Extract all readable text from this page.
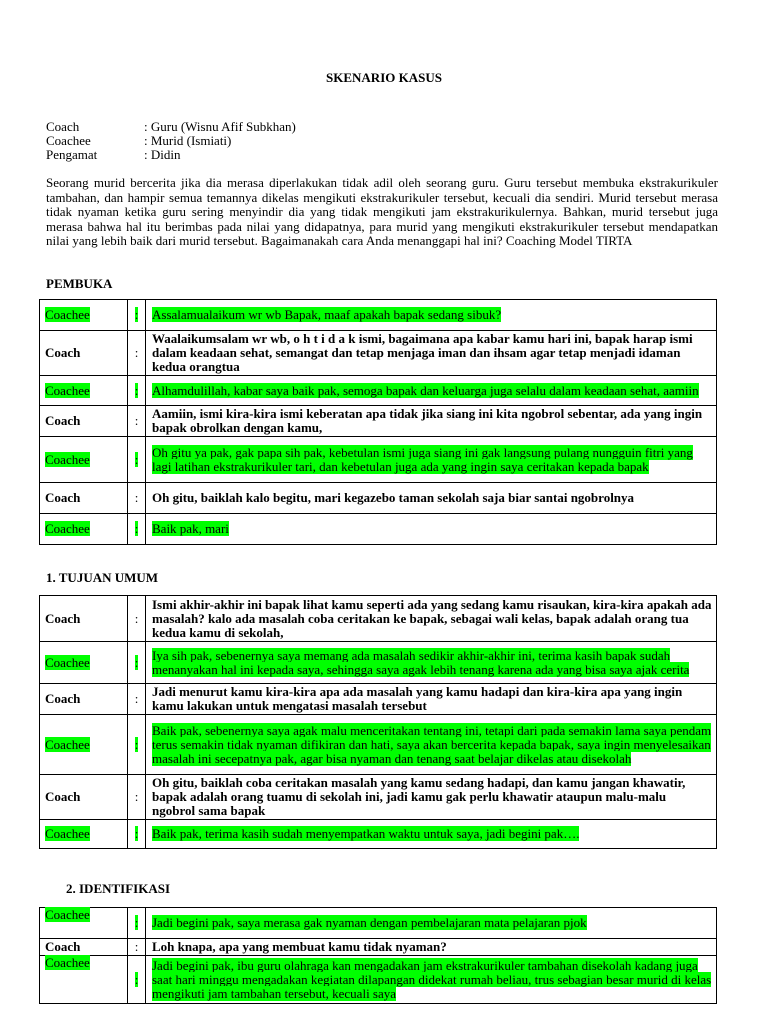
SKENARIO KASUS
Coach	: Guru (Wisnu Afif Subkhan)
Coachee	: Murid (Ismiati)
Pengamat	: Didin
Seorang murid bercerita jika dia merasa diperlakukan tidak adil oleh seorang guru. Guru tersebut membuka ekstrakurikuler tambahan, dan hampir semua temannya dikelas mengikuti ekstrakurikuler tersebut, kecuali dia sendiri. Murid tersebut merasa tidak nyaman ketika guru sering menyindir dia yang tidak mengikuti jam ekstrakurikulernya. Bahkan, murid tersebut juga merasa bahwa hal itu berimbas pada nilai yang didapatnya, para murid yang mengikuti ekstrakurikuler tersebut mendapatkan nilai yang lebih baik dari murid tersebut. Bagaimanakah cara Anda menanggapi hal ini? Coaching Model TIRTA
PEMBUKA
Coachee	:	Assalamualaikum wr wb Bapak, maaf apakah bapak sedang sibuk?
Coach	:	Waalaikumsalam wr wb, o h t i d a k ismi, bagaimana apa kabar kamu hari ini, bapak harap ismi dalam keadaan sehat, semangat dan tetap menjaga iman dan ihsam agar tetap menjadi idaman kedua orangtua
Coachee	:	Alhamdulillah, kabar saya baik pak, semoga bapak dan keluarga juga selalu dalam keadaan sehat, aamiin
Coach	:	Aamiin, ismi kira-kira ismi keberatan apa tidak jika siang ini kita ngobrol sebentar, ada yang ingin bapak obrolkan dengan kamu,
Coachee	:	Oh gitu ya pak, gak papa sih pak, kebetulan ismi juga siang ini gak langsung pulang nungguin fitri yang lagi latihan ekstrakurikuler tari, dan kebetulan juga ada yang ingin saya ceritakan kepada bapak
Coach	:	Oh gitu, baiklah kalo begitu, mari kegazebo taman sekolah saja biar santai ngobrolnya
Coachee	:	Baik pak, mari
1. TUJUAN UMUM
Coach	:	Ismi akhir-akhir ini bapak lihat kamu seperti ada yang sedang kamu risaukan, kira-kira apakah ada masalah? kalo ada masalah coba ceritakan ke bapak, sebagai wali kelas, bapak adalah orang tua kedua kamu di sekolah,
Coachee	:	Iya sih pak, sebenernya saya memang ada masalah sedikir akhir-akhir ini, terima kasih bapak sudah menanyakan hal ini kepada saya, sehingga saya agak lebih tenang karena ada yang bisa saya ajak cerita
Coach	:	Jadi menurut kamu kira-kira apa ada masalah yang kamu hadapi dan kira-kira apa yang ingin kamu lakukan untuk mengatasi masalah tersebut
Coachee	:	Baik pak, sebenernya saya agak malu menceritakan tentang ini, tetapi dari pada semakin lama saya pendam terus semakin tidak nyaman difikiran dan hati, saya akan bercerita kepada bapak, saya ingin menyelesaikan masalah ini secepatnya pak, agar bisa nyaman dan tenang saat belajar dikelas atau disekolah
Coach	:	Oh gitu, baiklah coba ceritakan masalah yang kamu sedang hadapi, dan kamu jangan khawatir, bapak adalah orang tuamu di sekolah ini, jadi kamu gak perlu khawatir ataupun malu-malu ngobrol sama bapak
Coachee	:	Baik pak, terima kasih sudah menyempatkan waktu untuk saya, jadi begini pak….
2. IDENTIFIKASI
Coachee	:	Jadi begini pak, saya merasa gak nyaman dengan pembelajaran mata pelajaran pjok
Coach	:	Loh knapa, apa yang membuat kamu tidak nyaman?
Coachee	:	Jadi begini pak, ibu guru olahraga kan mengadakan jam ekstrakurikuler tambahan disekolah kadang juga saat hari minggu mengadakan kegiatan dilapangan didekat rumah beliau, trus sebagian besar murid di kelas mengikuti jam tambahan tersebut, kecuali saya
